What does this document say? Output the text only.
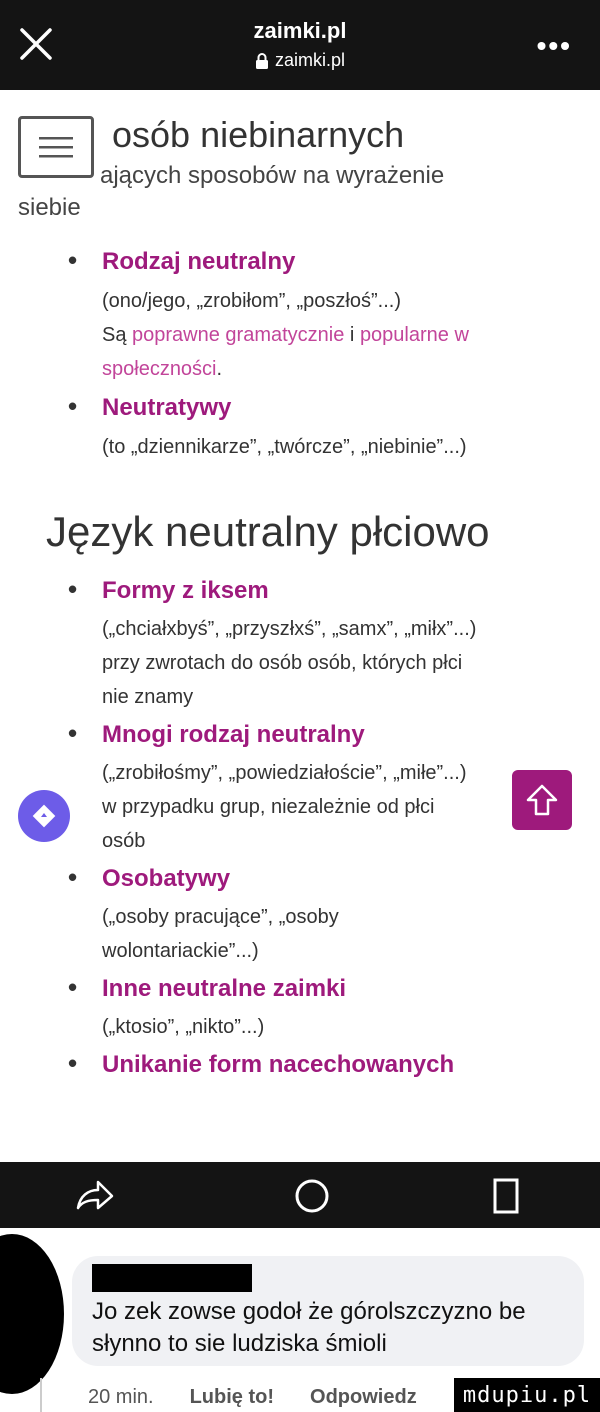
zaimki.pl
zaimki.pl	•••
osób niebinarnych
ających sposobów na wyrażenie
siebie
• Rodzaj neutralny
(ono/jego, „zrobiłom”, „poszłoś”...)
Są poprawne gramatycznie i popularne w społeczności.
• Neutratywy
(to „dziennikarze”, „twórcze”, „niebinie”...)
Język neutralny płciowo
• Formy z iksem
(„chciałxbyś”, „przyszłxś”, „samx”, „miłx”...)
przy zwrotach do osób osób, których płci
nie znamy
• Mnogi rodzaj neutralny
(„zrobiłośmy”, „powiedziałoście”, „miłe”...)
w przypadku grup, niezależnie od płci
osób
• Osobatywy
(„osoby pracujące”, „osoby
wolontariackie”...)
• Inne neutralne zaimki
(„ktosio”, „nikto”...)
• Unikanie form nacechowanych
Jo zek zowse godoł że górolszczyzno be słynno to sie ludziska śmioli
20 min. Lubię to! Odpowiedz	mdupiu.pl
